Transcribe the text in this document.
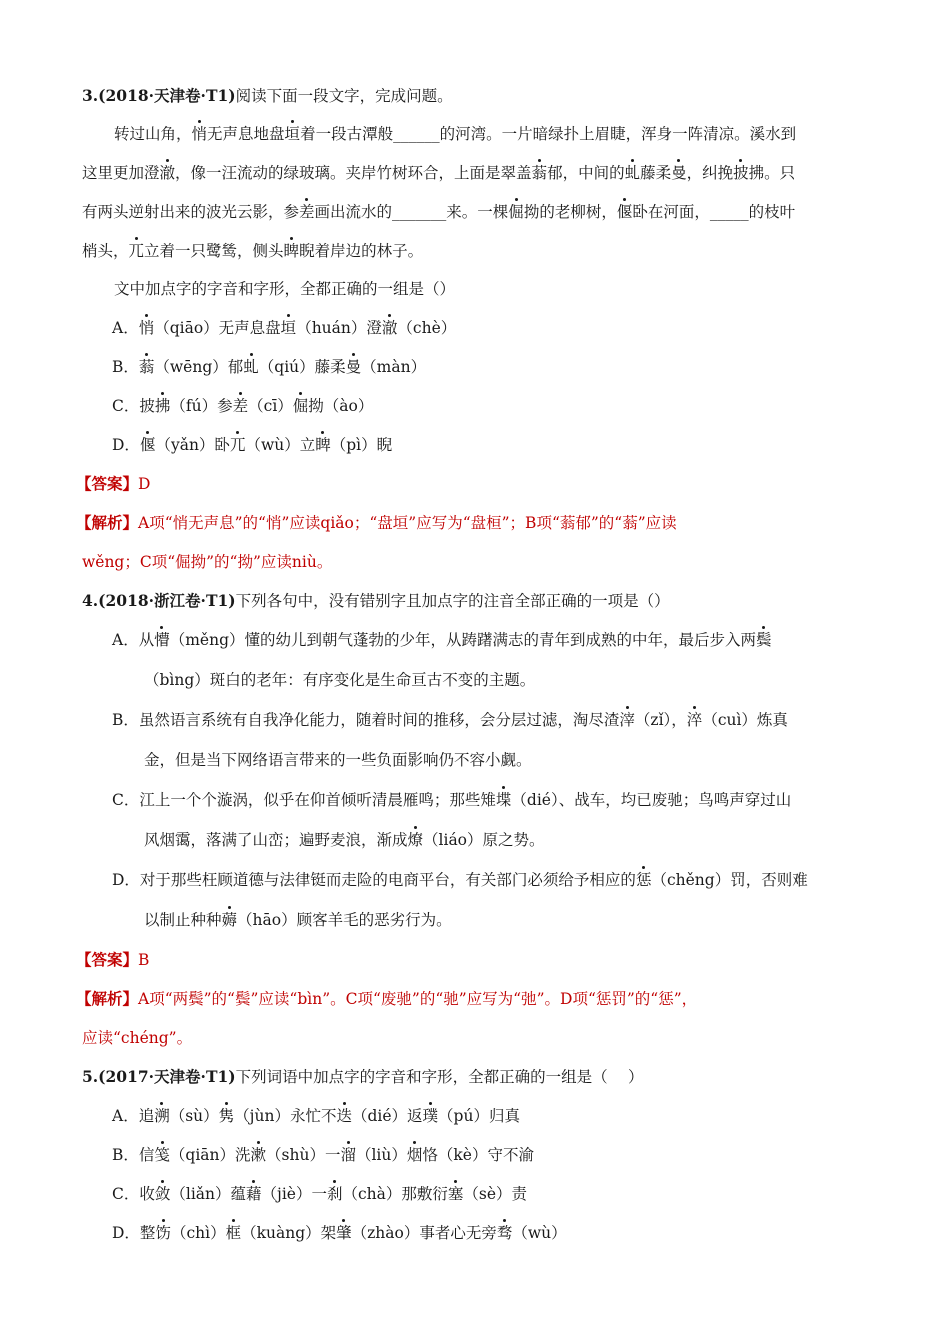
3.(2018·天津卷·T1)阅读下面一段文字，完成问题。

转过山角，悄无声息地盘垣着一段古潭般______的河湾。一片暗绿扑上眉睫，浑身一阵清凉。溪水到

这里更加澄澈，像一汪流动的绿玻璃。夹岸竹树环合，上面是翠盖蓊郁，中间的虬藤柔曼，纠挽披拂。只

有两头逆射出来的波光云影，参差画出流水的_______来。一棵倔拗的老柳树，偃卧在河面，_____的枝叶

梢头，兀立着一只鹭鸶，侧头睥睨着岸边的林子。

文中加点字的字音和字形，全都正确的一组是（）

A．悄（qiāo）无声息盘垣（huán）澄澈（chè）

B．蓊（wēng）郁虬（qiú）藤柔曼（màn）

C．披拂（fú）参差（cī）倔拗（ào）

D．偃（yǎn）卧兀（wù）立睥（pì）睨

【答案】D

【解析】A项“悄无声息”的“悄”应读qiǎo；“盘垣”应写为“盘桓”；B项“蓊郁”的“蓊”应读

wěng；C项“倔拗”的“拗”应读niù。

4.(2018·浙江卷·T1)下列各句中，没有错别字且加点字的注音全部正确的一项是（）

A．从懵（měng）懂的幼儿到朝气蓬勃的少年，从踌躇满志的青年到成熟的中年，最后步入两鬓

（bìng）斑白的老年：有序变化是生命亘古不变的主题。

B．虽然语言系统有自我净化能力，随着时间的推移，会分层过滤，淘尽渣滓（zǐ），淬（cuì）炼真

金，但是当下网络语言带来的一些负面影响仍不容小觑。

C．江上一个个漩涡，似乎在仰首倾听清晨雁鸣；那些雉堞（dié）、战车，均已废驰；鸟鸣声穿过山

风烟霭，落满了山峦；遍野麦浪，渐成燎（liáo）原之势。

D．对于那些枉顾道德与法律铤而走险的电商平台，有关部门必须给予相应的惩（chěng）罚，否则难

以制止种种薅（hāo）顾客羊毛的恶劣行为。

【答案】B

【解析】A项“两鬓”的“鬓”应读“bìn”。C项“废驰”的“驰”应写为“弛”。D项“惩罚”的“惩”，

应读“chéng”。

5.(2017·天津卷·T1)下列词语中加点字的字音和字形，全都正确的一组是（　 ）

A．追溯（sù）隽（jùn）永忙不迭（dié）返璞（pú）归真

B．信笺（qiān）洗漱（shù）一溜（liù）烟恪（kè）守不渝

C．收敛（liǎn）蕴藉（jiè）一刹（chà）那敷衍塞（sè）责

D．整饬（chì）框（kuàng）架肇（zhào）事者心无旁骛（wù）
